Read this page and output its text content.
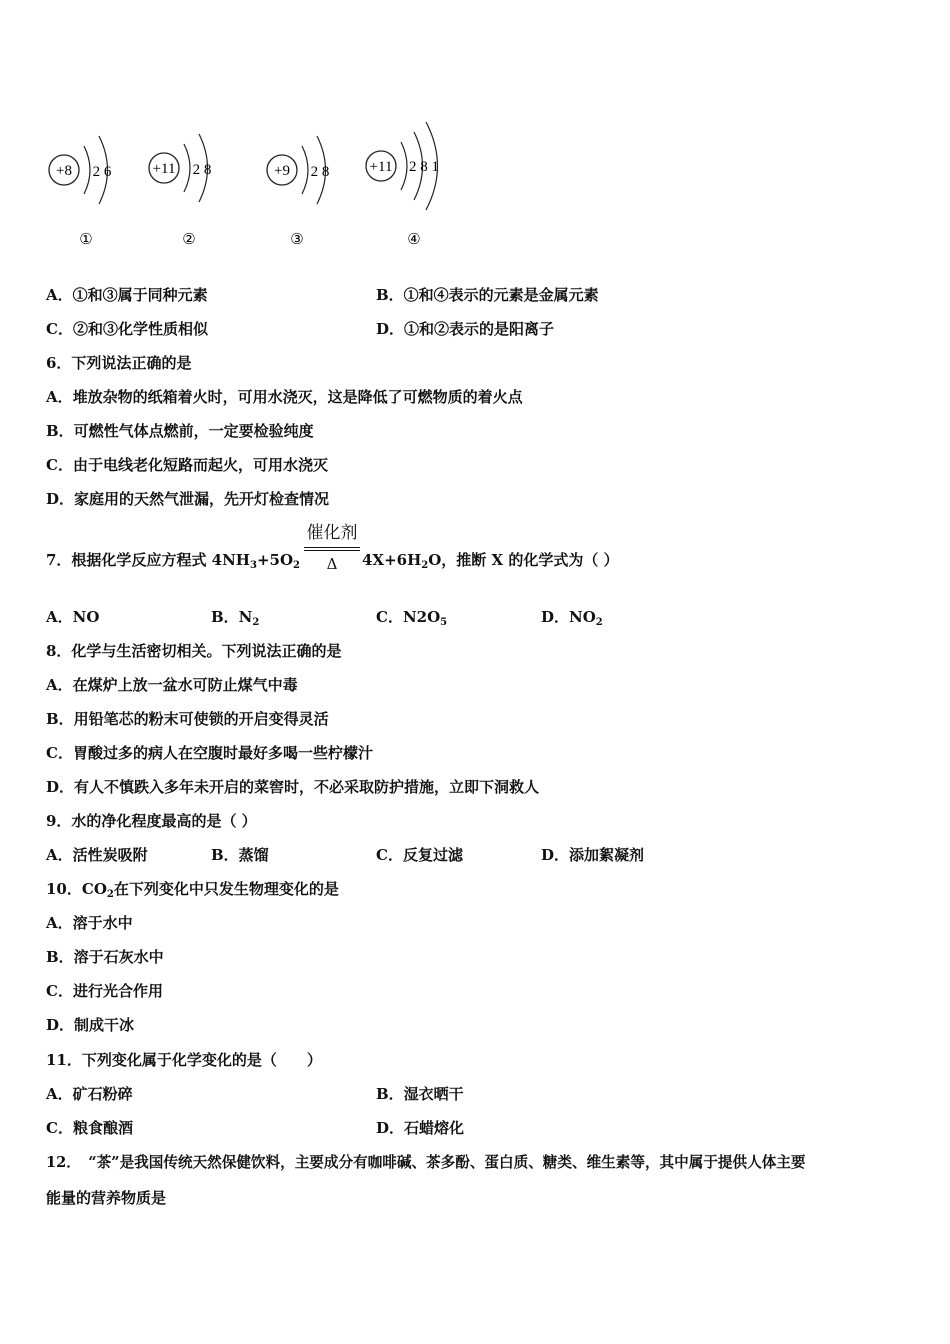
+8 2 6
①
+11 2 8
②
+9 2 8
③
+11 2 8 1
④
A．①和③属于同种元素	B．①和④表示的元素是金属元素
C．②和③化学性质相似	D．①和②表示的是阳离子
6．下列说法正确的是
A．堆放杂物的纸箱着火时，可用水浇灭，这是降低了可燃物质的着火点
B．可燃性气体点燃前，一定要检验纯度
C．由于电线老化短路而起火，可用水浇灭
D．家庭用的天然气泄漏，先开灯检查情况
7．根据化学反应方程式 $4NH_3+5O_2$
催化剂
Δ	$4X+6H_2O$，推断 X 的化学式为（ ）
A．NO	B．$N_2$	C．$N2O_5$	D．$NO_2$
8．化学与生活密切相关。下列说法正确的是
A．在煤炉上放一盆水可防止煤气中毒
B．用铅笔芯的粉末可使锁的开启变得灵活
C．胃酸过多的病人在空腹时最好多喝一些柠檬汁
D．有人不慎跌入多年未开启的菜窖时，不必采取防护措施，立即下洞救人
9．水的净化程度最高的是（ ）
A．活性炭吸附	B．蒸馏	C．反复过滤	D．添加絮凝剂
10．$CO_2$在下列变化中只发生物理变化的是
A．溶于水中
B．溶于石灰水中
C．进行光合作用
D．制成干冰
11．下列变化属于化学变化的是（　　）
A．矿石粉碎	B．湿衣晒干
C．粮食酿酒	D．石蜡熔化
12．　“茶”是我国传统天然保健饮料，主要成分有咖啡碱、茶多酚、蛋白质、糖类、维生素等，其中属于提供人体主要
能量的营养物质是
